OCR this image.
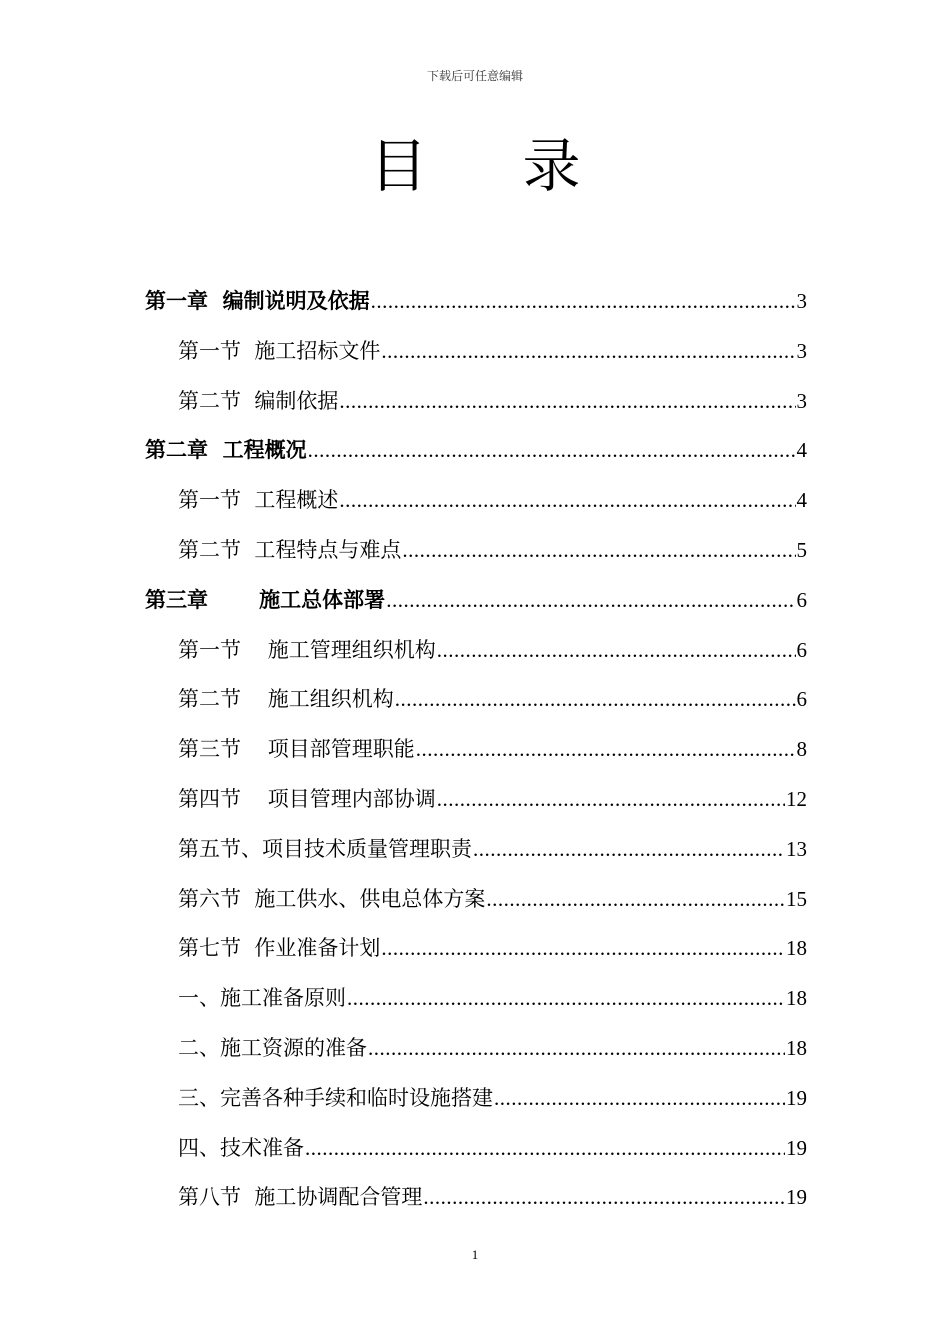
下载后可任意编辑
目 录
第一章  编制说明及依据 .....	3
第一节  施工招标文件 .....	3
第二节  编制依据 .....	3
第二章  工程概况 .....	4
第一节  工程概述 .....	4
第二节  工程特点与难点 .....	5
第三章       施工总体部署 .....	6
第一节    施工管理组织机构 .....	6
第二节    施工组织机构 .....	6
第三节    项目部管理职能 .....	8
第四节    项目管理内部协调 .....	12
第五节、项目技术质量管理职责 .....	13
第六节  施工供水、供电总体方案 .....	15
第七节  作业准备计划 .....	18
一、施工准备原则 .....	18
二、施工资源的准备 .....	18
三、完善各种手续和临时设施搭建 .....	19
四、技术准备 .....	19
第八节  施工协调配合管理 .....	19
1
